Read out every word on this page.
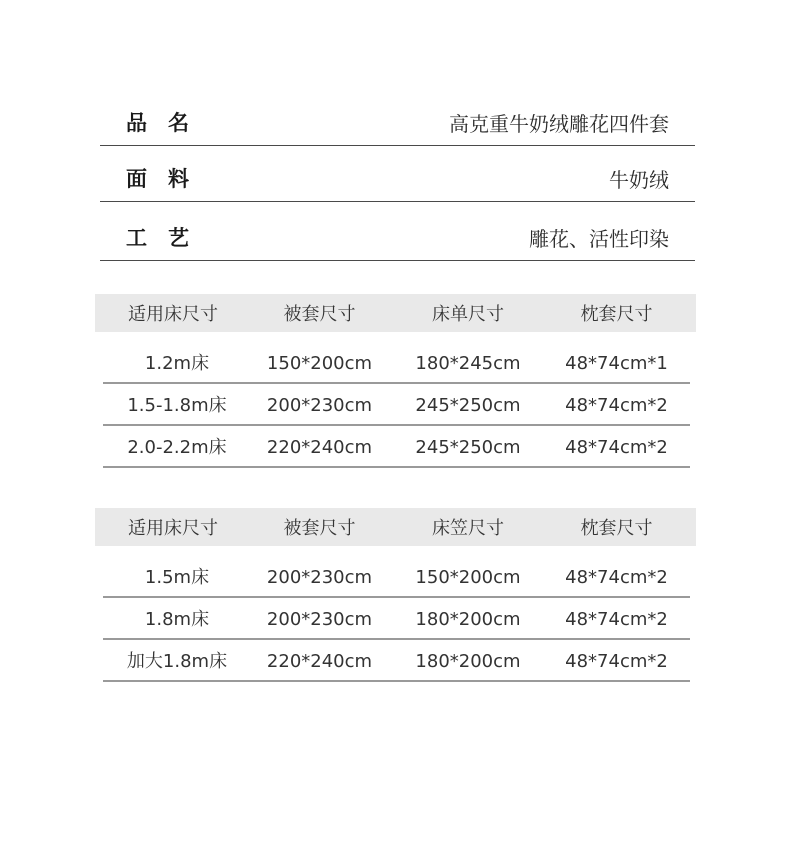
品名	高克重牛奶绒雕花四件套
面料	牛奶绒
工艺	雕花、活性印染
适用床尺寸	被套尺寸	床单尺寸	枕套尺寸
1.2m床	150*200cm	180*245cm	48*74cm*1
1.5-1.8m床	200*230cm	245*250cm	48*74cm*2
2.0-2.2m床	220*240cm	245*250cm	48*74cm*2
适用床尺寸	被套尺寸	床笠尺寸	枕套尺寸
1.5m床	200*230cm	150*200cm	48*74cm*2
1.8m床	200*230cm	180*200cm	48*74cm*2
加大1.8m床	220*240cm	180*200cm	48*74cm*2
